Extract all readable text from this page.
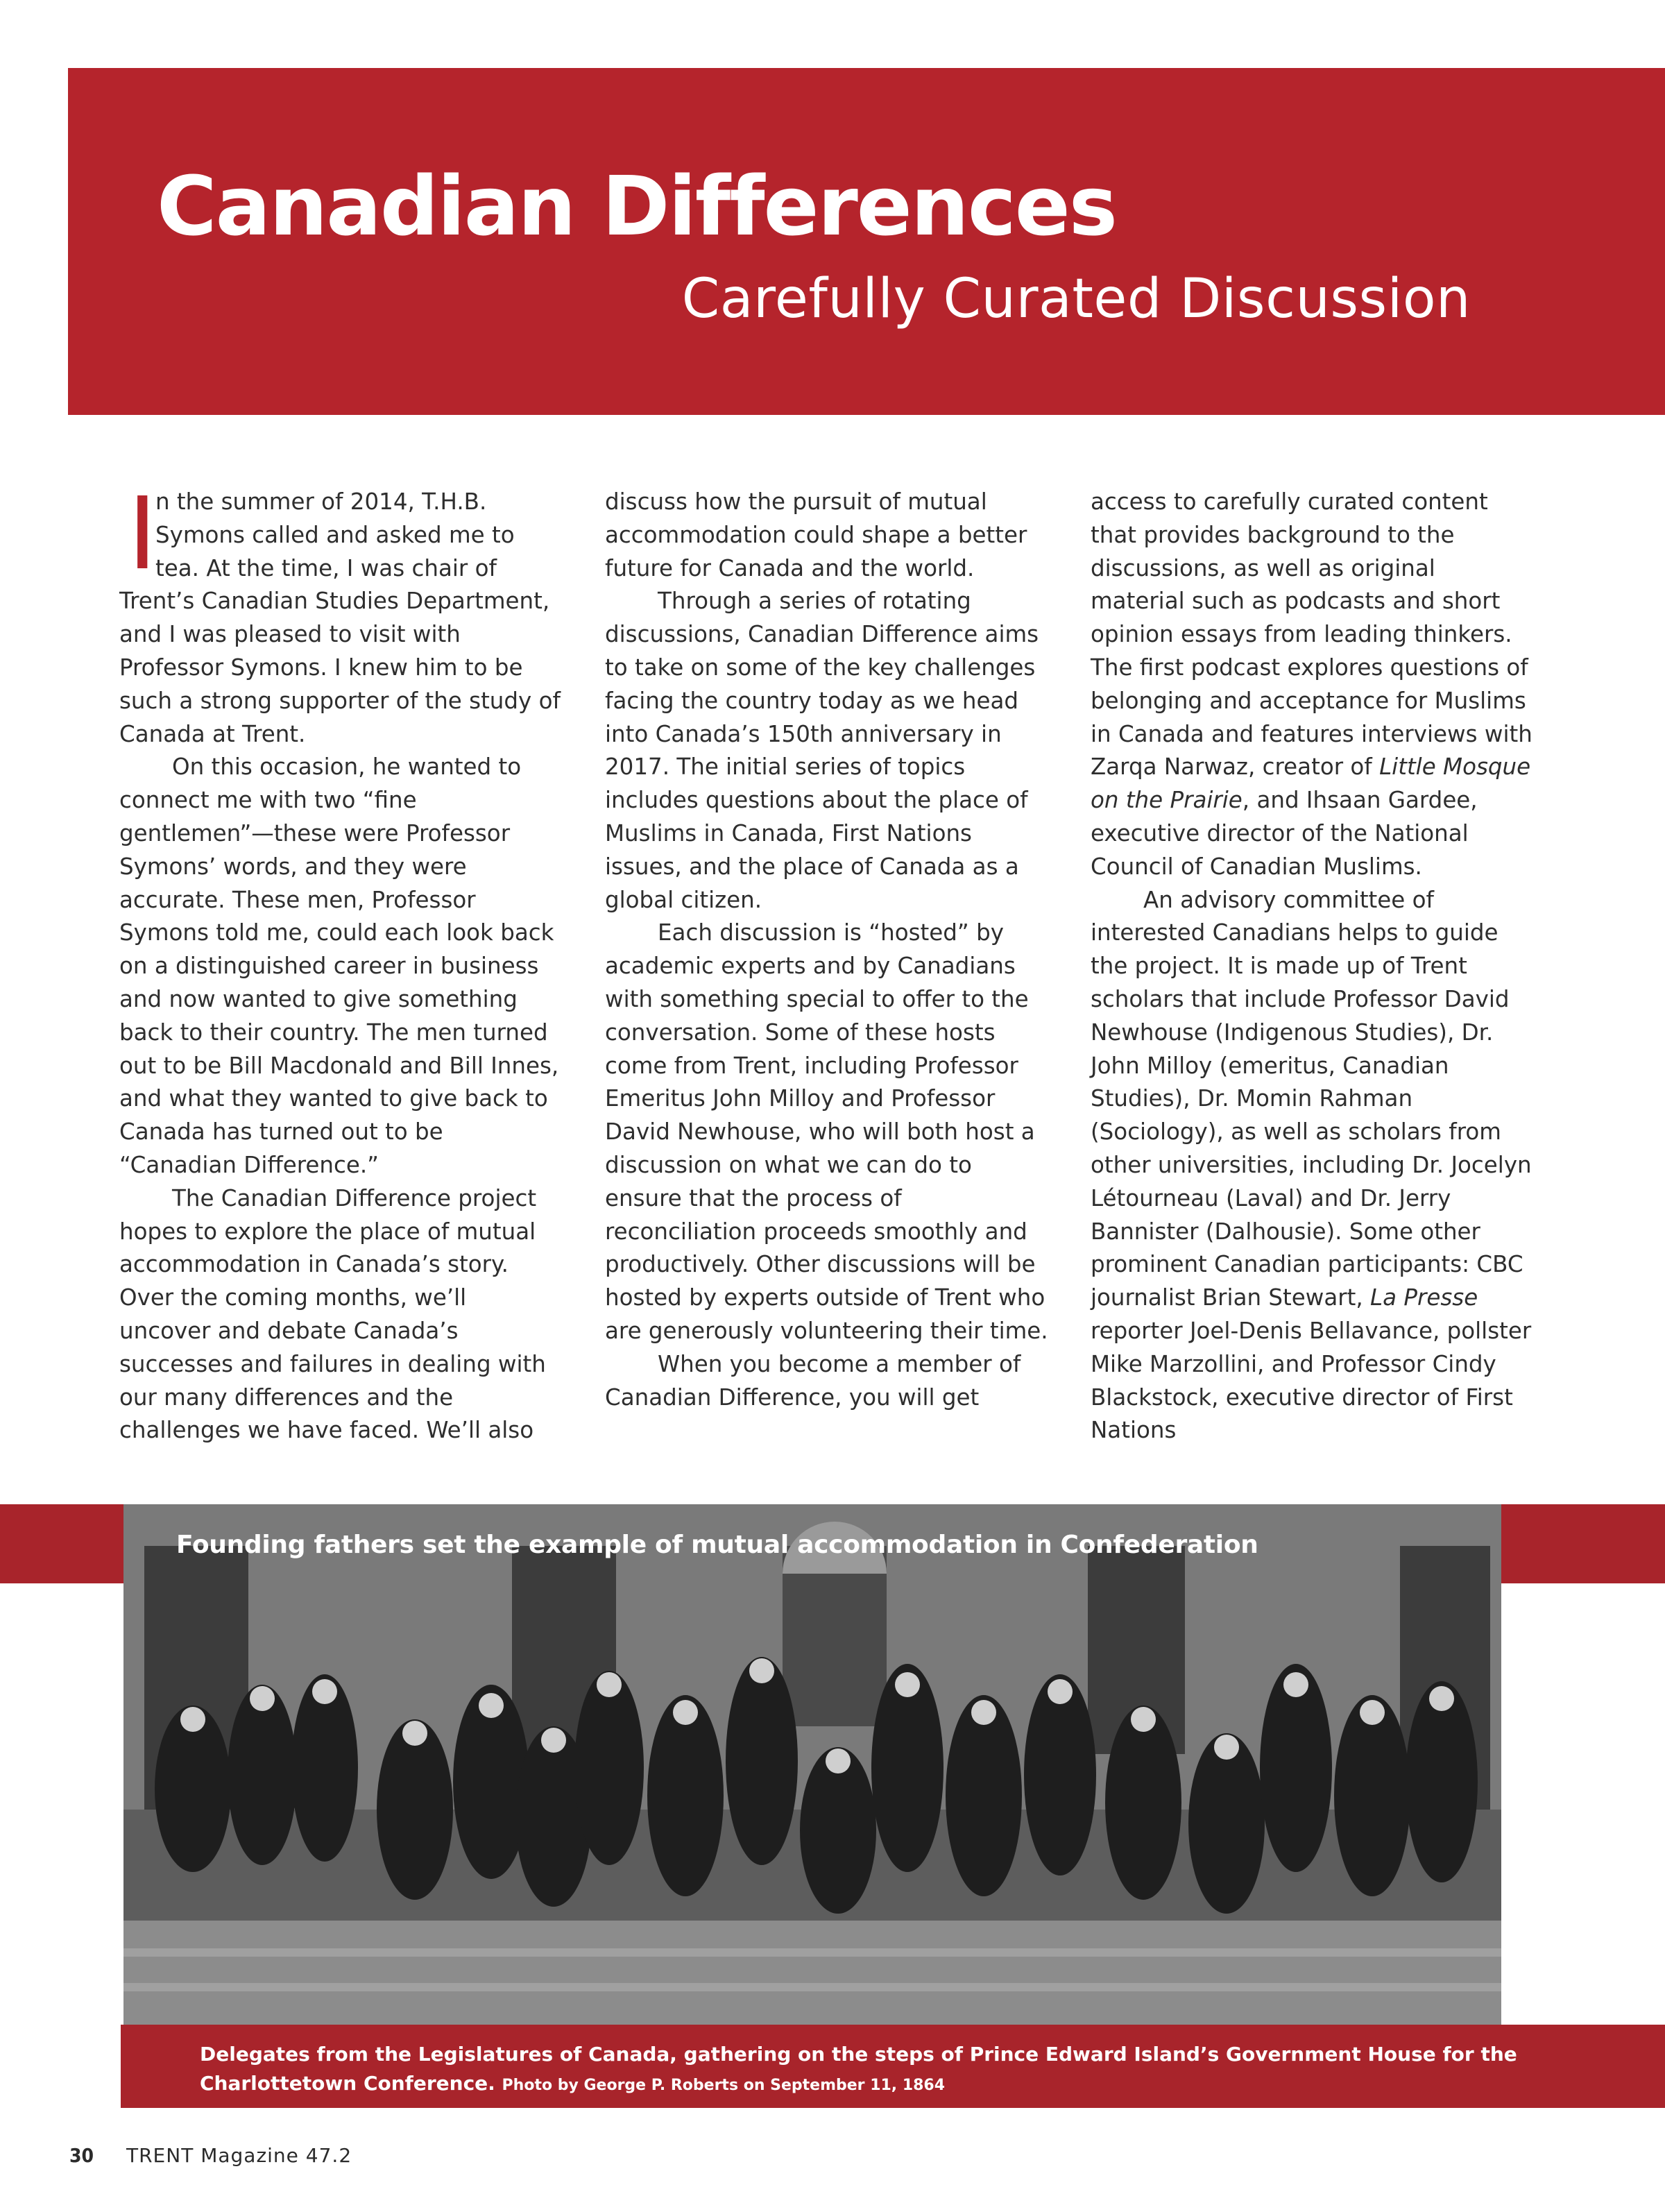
Canadian Differences
Carefully Curated Discussion

I
n the summer of 2014, T.H.B. Symons called and asked me to tea. At the time, I was chair of Trent’s Canadian Studies Department, and I was pleased to visit with Professor Symons. I knew him to be such a strong supporter of the study of Canada at Trent.

On this occasion, he wanted to connect me with two “fine gentlemen”—these were Professor Symons’ words, and they were accurate. These men, Professor Symons told me, could each look back on a distinguished career in business and now wanted to give something back to their country. The men turned out to be Bill Macdonald and Bill Innes, and what they wanted to give back to Canada has turned out to be “Canadian Difference.”

The Canadian Difference project hopes to explore the place of mutual accommodation in Canada’s story. Over the coming months, we’ll uncover and debate Canada’s successes and failures in dealing with our many differences and the challenges we have faced. We’ll also

discuss how the pursuit of mutual accommodation could shape a better future for Canada and the world.

Through a series of rotating discussions, Canadian Difference aims to take on some of the key challenges facing the country today as we head into Canada’s 150th anniversary in 2017. The initial series of topics includes questions about the place of Muslims in Canada, First Nations issues, and the place of Canada as a global citizen.

Each discussion is “hosted” by academic experts and by Canadians with something special to offer to the conversation. Some of these hosts come from Trent, including Professor Emeritus John Milloy and Professor David Newhouse, who will both host a discussion on what we can do to ensure that the process of reconciliation proceeds smoothly and productively. Other discussions will be hosted by experts outside of Trent who are generously volunteering their time.

When you become a member of Canadian Difference, you will get

access to carefully curated content that provides background to the discussions, as well as original material such as podcasts and short opinion essays from leading thinkers. The first podcast explores questions of belonging and acceptance for Muslims in Canada and features interviews with Zarqa Narwaz, creator of Little Mosque on the Prairie, and Ihsaan Gardee, executive director of the National Council of Canadian Muslims.

An advisory committee of interested Canadians helps to guide the project. It is made up of Trent scholars that include Professor David Newhouse (Indigenous Studies), Dr. John Milloy (emeritus, Canadian Studies), Dr. Momin Rahman (Sociology), as well as scholars from other universities, including Dr. Jocelyn Létourneau (Laval) and Dr. Jerry Bannister (Dalhousie). Some other prominent Canadian participants: CBC journalist Brian Stewart, La Presse reporter Joel-Denis Bellavance, pollster Mike Marzollini, and Professor Cindy Blackstock, executive director of First Nations

Founding fathers set the example of mutual accommodation in Confederation
Delegates from the Legislatures of Canada, gathering on the steps of Prince Edward Island’s Government House for the Charlottetown Conference. Photo by George P. Roberts on September 11, 1864
30 TRENT Magazine 47.2
